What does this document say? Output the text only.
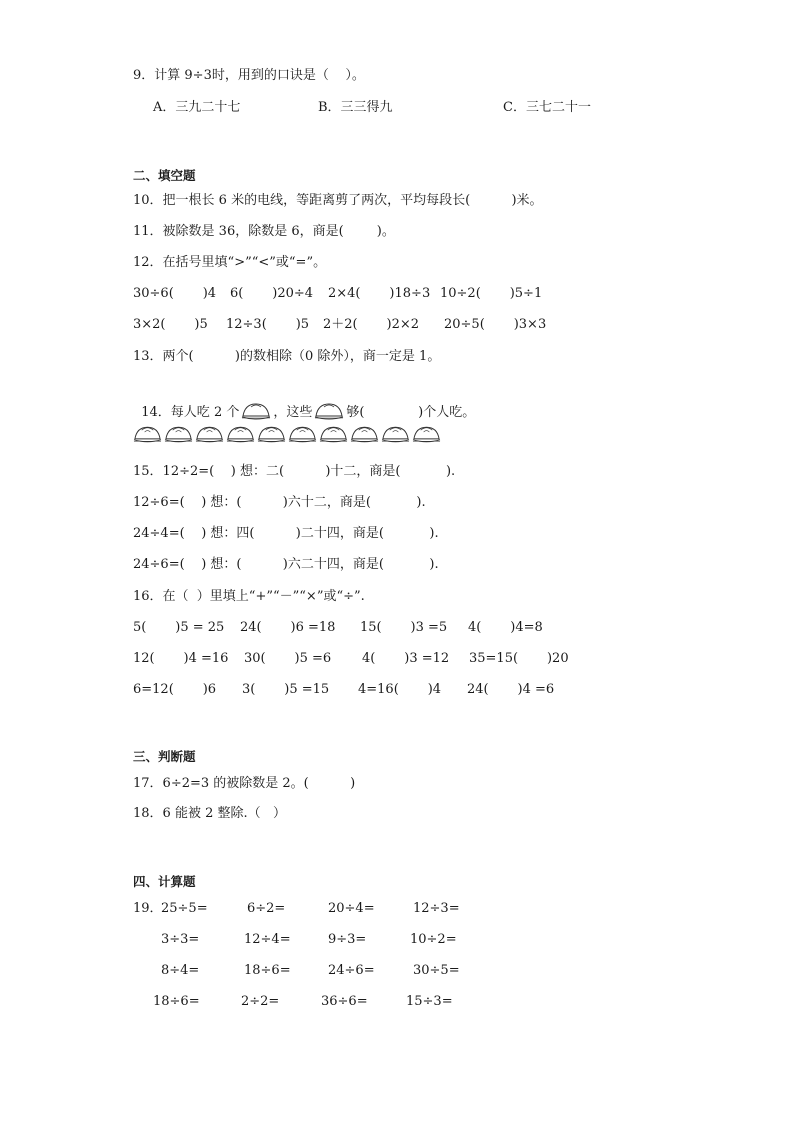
9．计算 9÷3时，用到的口诀是（    ）。
A．三九二十七	B．三三得九	C．三七二十一
二、填空题
10．把一根长 6 米的电线，等距离剪了两次，平均每段长(          )米。
11．被除数是 36，除数是 6，商是(        )。
12．在括号里填“>”“<”或“=”。
30÷6(       )4 6(       )20÷4 2×4(       )18÷3 10÷2(       )5÷1
3×2(       )5 12÷3(       )5 2＋2(       )2×2 20÷5(       )3×3
13．两个(          )的数相除（0 除外），商一定是 1。

14．每人吃 2 个	，这些	够(             )个人吃。

15．12÷2=(    ) 想：二(          )十二，商是(           ).
12÷6=(    ) 想：(          )六十二，商是(           ).
24÷4=(    ) 想：四(          )二十四，商是(           ).
24÷6=(    ) 想：(          )六二十四，商是(           ).
16．在（  ）里填上“+”“－”“×”或“÷”.
5(       )5 = 25 24(       )6 =18 15(       )3 =5 4(       )4=8
12(       )4 =16 30(       )5 =6 4(       )3 =12 35=15(       )20
6=12(       )6 3(       )5 =15 4=16(       )4 24(       )4 =6
三、判断题
17．6÷2=3 的被除数是 2。(          )
18．6 能被 2 整除.（   ）
四、计算题
19．
25÷5=	6÷2=	20÷4=	12÷3=
3÷3=	12÷4=	9÷3=	10÷2=
8÷4=	18÷6=	24÷6=	30÷5=
18÷6=	2÷2=	36÷6=	15÷3=
